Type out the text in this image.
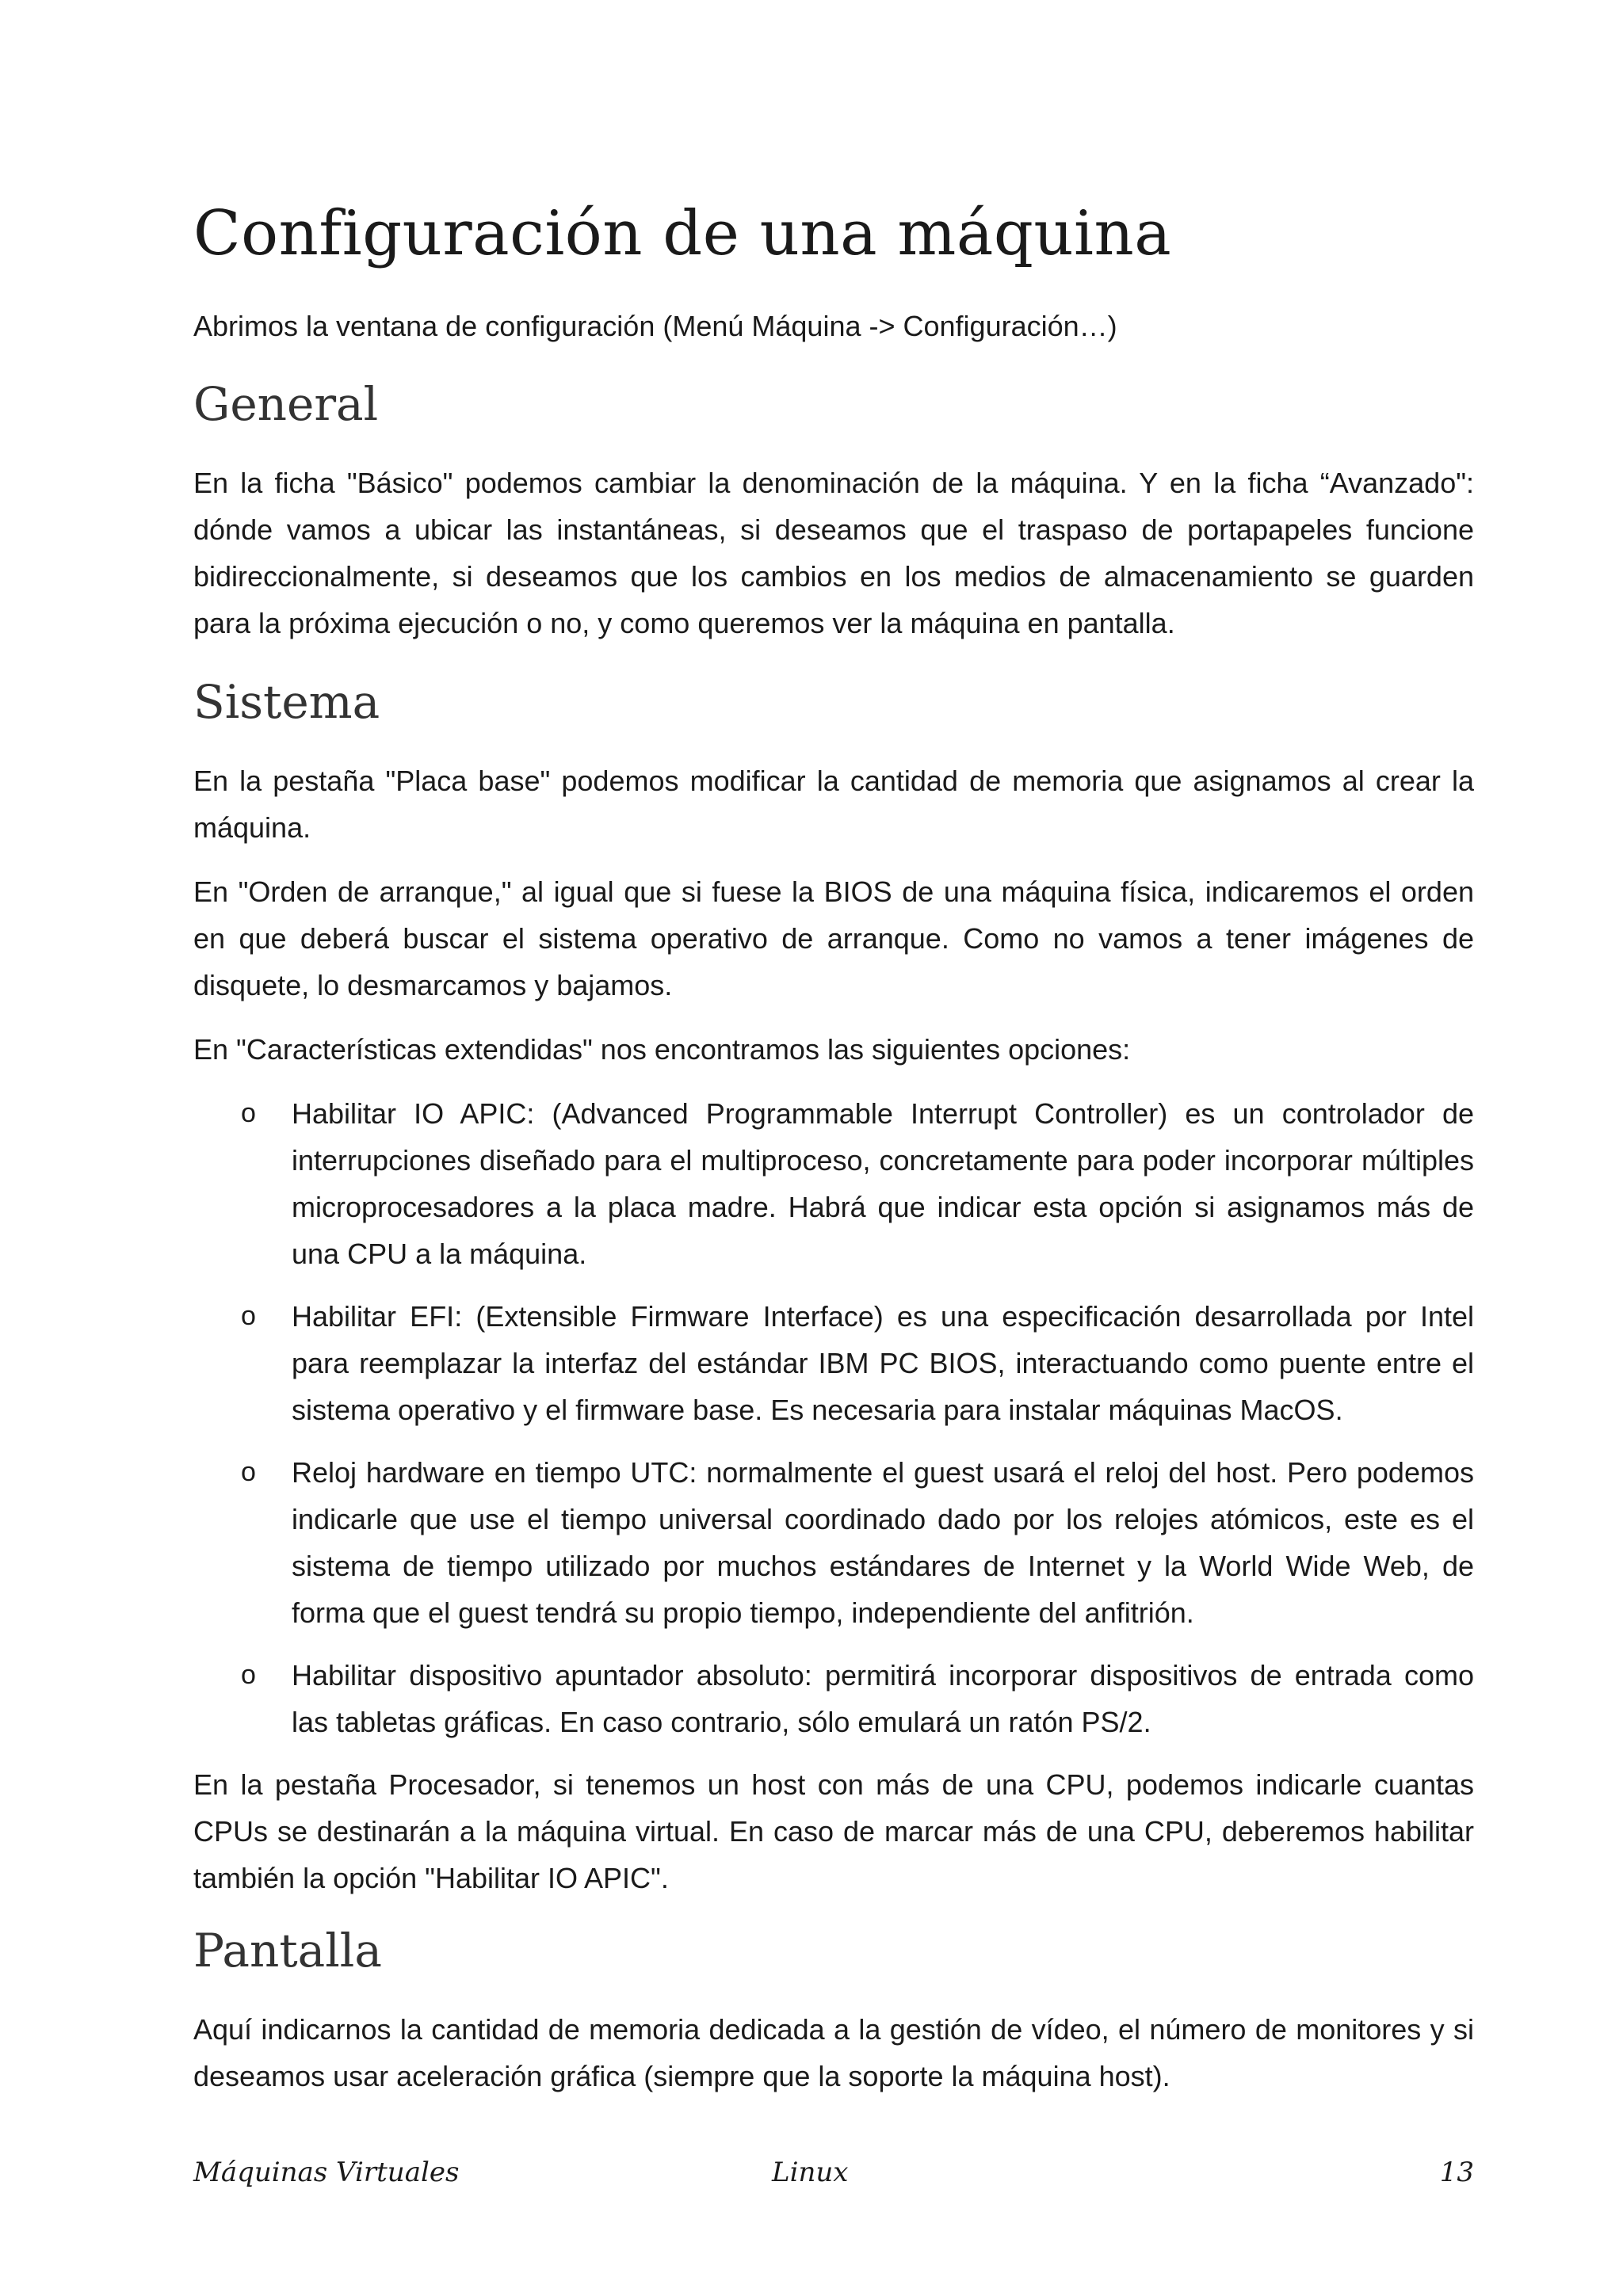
Configuración de una máquina

Abrimos la ventana de configuración (Menú Máquina -> Configuración…)

General

En la ficha "Básico" podemos cambiar la denominación de la máquina. Y en la ficha “Avanzado": dónde vamos a ubicar las instantáneas, si deseamos que el traspaso de portapapeles funcione bidireccionalmente, si deseamos que los cambios en los medios de almacenamiento se guarden para la próxima ejecución o no, y como queremos ver la máquina en pantalla.

Sistema

En la pestaña "Placa base" podemos modificar la cantidad de memoria que asignamos al crear la máquina.

En "Orden de arranque," al igual que si fuese la BIOS de una máquina física, indicaremos el orden en que deberá buscar el sistema operativo de arranque. Como no vamos a tener imágenes de disquete, lo desmarcamos y bajamos.

En "Características extendidas" nos encontramos las siguientes opciones:

o Habilitar IO APIC: (Advanced Programmable Interrupt Controller) es un controlador de interrupciones diseñado para el multiproceso, concretamente para poder incorporar múltiples microprocesadores a la placa madre. Habrá que indicar esta opción si asignamos más de una CPU a la máquina.
o Habilitar EFI: (Extensible Firmware Interface) es una especificación desarrollada por Intel para reemplazar la interfaz del estándar IBM PC BIOS, interactuando como puente entre el sistema operativo y el firmware base. Es necesaria para instalar máquinas MacOS.
o Reloj hardware en tiempo UTC: normalmente el guest usará el reloj del host. Pero podemos indicarle que use el tiempo universal coordinado dado por los relojes atómicos, este es el sistema de tiempo utilizado por muchos estándares de Internet y la World Wide Web, de forma que el guest tendrá su propio tiempo, independiente del anfitrión.
o Habilitar dispositivo apuntador absoluto: permitirá incorporar dispositivos de entrada como las tabletas gráficas. En caso contrario, sólo emulará un ratón PS/2.

En la pestaña Procesador, si tenemos un host con más de una CPU, podemos indicarle cuantas CPUs se destinarán a la máquina virtual. En caso de marcar más de una CPU, deberemos habilitar también la opción "Habilitar IO APIC".

Pantalla

Aquí indicarnos la cantidad de memoria dedicada a la gestión de vídeo, el número de monitores y si deseamos usar aceleración gráfica (siempre que la soporte la máquina host).

Máquinas Virtuales	Linux	13
